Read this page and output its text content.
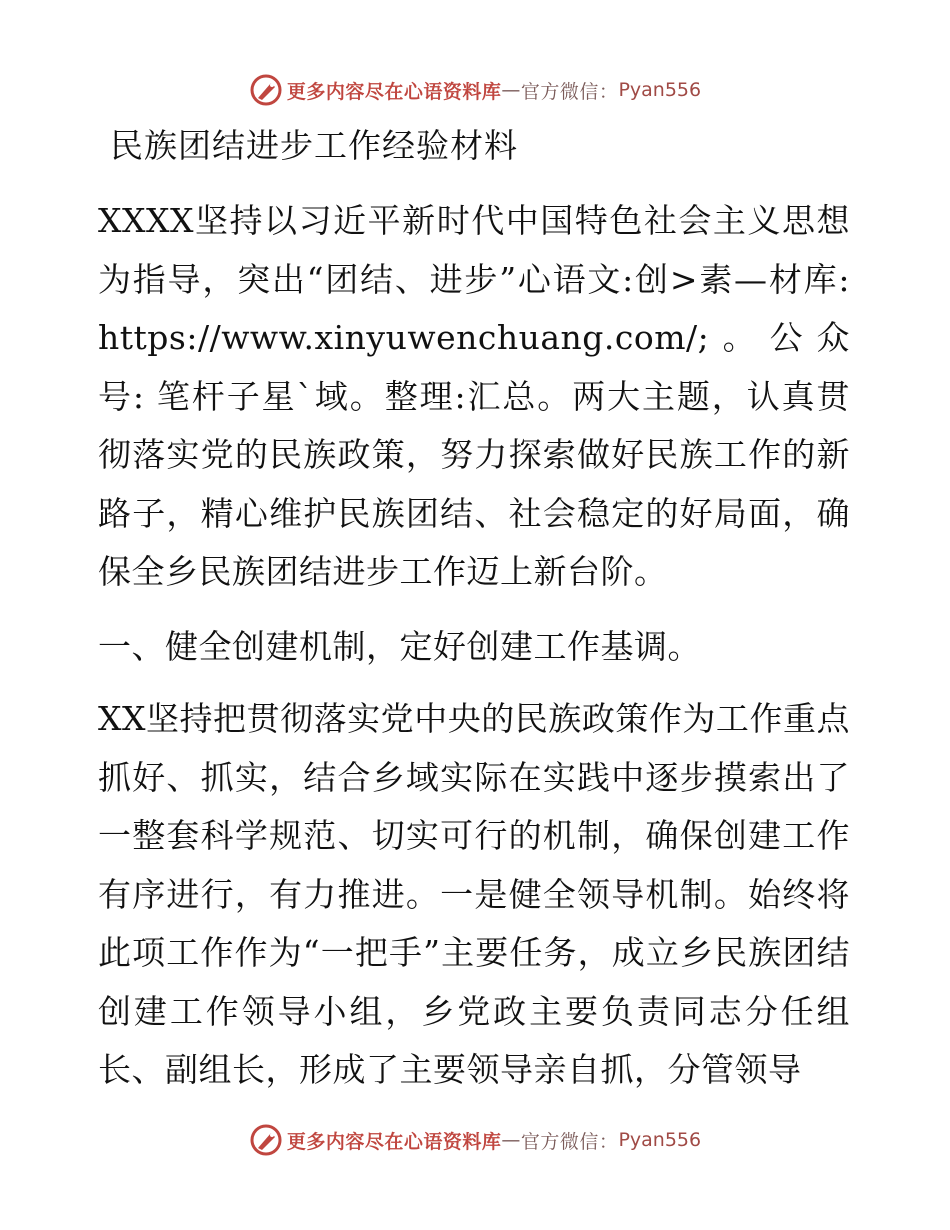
更多内容尽在心语资料库 — 官方微信： Pyan556
民族团结进步工作经验材料

XXXX坚持以习近平新时代中国特色社会主义思想为指导，突出“团结、进步”心语文:创>素—材库: https://www.xinyuwenchuang.com/;。公众号: 笔杆子星`域。整理:汇总。两大主题，认真贯彻落实党的民族政策，努力探索做好民族工作的新路子，精心维护民族团结、社会稳定的好局面，确保全乡民族团结进步工作迈上新台阶。

一、健全创建机制，定好创建工作基调。

XX坚持把贯彻落实党中央的民族政策作为工作重点抓好、抓实，结合乡域实际在实践中逐步摸索出了一整套科学规范、切实可行的机制，确保创建工作有序进行，有力推进。一是健全领导机制。始终将此项工作作为“一把手”主要任务，成立乡民族团结创建工作领导小组，乡党政主要负责同志分任组长、副组长，形成了主要领导亲自抓，分管领导

更多内容尽在心语资料库 — 官方微信： Pyan556
